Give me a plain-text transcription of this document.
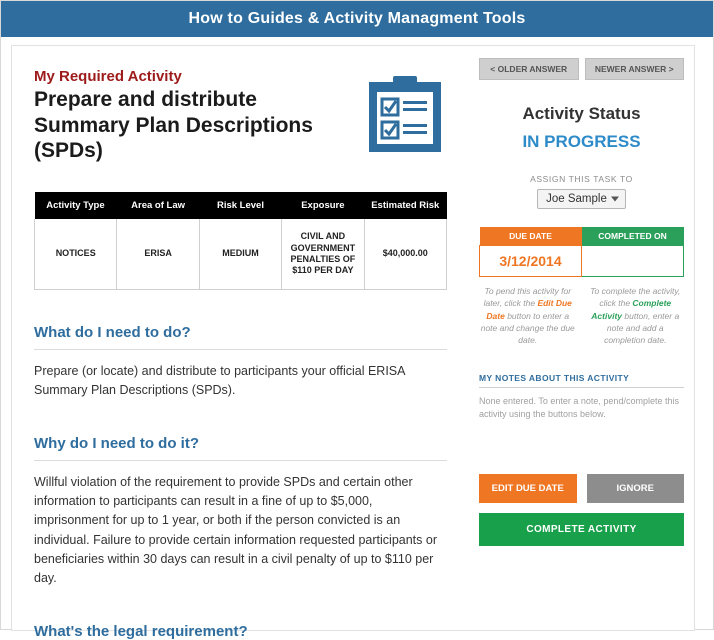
How to Guides & Activity Managment Tools

My Required Activity

Prepare and distribute Summary Plan Descriptions (SPDs)
Activity Type	Area of Law	Risk Level	Exposure	Estimated Risk
NOTICES	ERISA	MEDIUM	CIVIL AND GOVERNMENT PENALTIES OF $110 PER DAY	$40,000.00
What do I need to do?

Prepare (or locate) and distribute to participants your official ERISA Summary Plan Descriptions (SPDs).

Why do I need to do it?

Willful violation of the requirement to provide SPDs and certain other information to participants can result in a fine of up to $5,000, imprisonment for up to 1 year, or both if the person convicted is an individual. Failure to provide certain information requested participants or beneficiaries within 30 days can result in a civil penalty of up to $110 per day.

What's the legal requirement?
< OLDER ANSWER	NEWER ANSWER >
Activity Status
IN PROGRESS
ASSIGN THIS TASK TO
Joe Sample
DUE DATE	COMPLETED ON
3/12/2014	
To pend this activity for later, click the Edit Due Date button to enter a note and change the due date.
To complete the activity, click the Complete Activity button, enter a note and add a completion date.
MY NOTES ABOUT THIS ACTIVITY
None entered. To enter a note, pend/complete this activity using the buttons below.
EDIT DUE DATE	IGNORE
COMPLETE ACTIVITY
